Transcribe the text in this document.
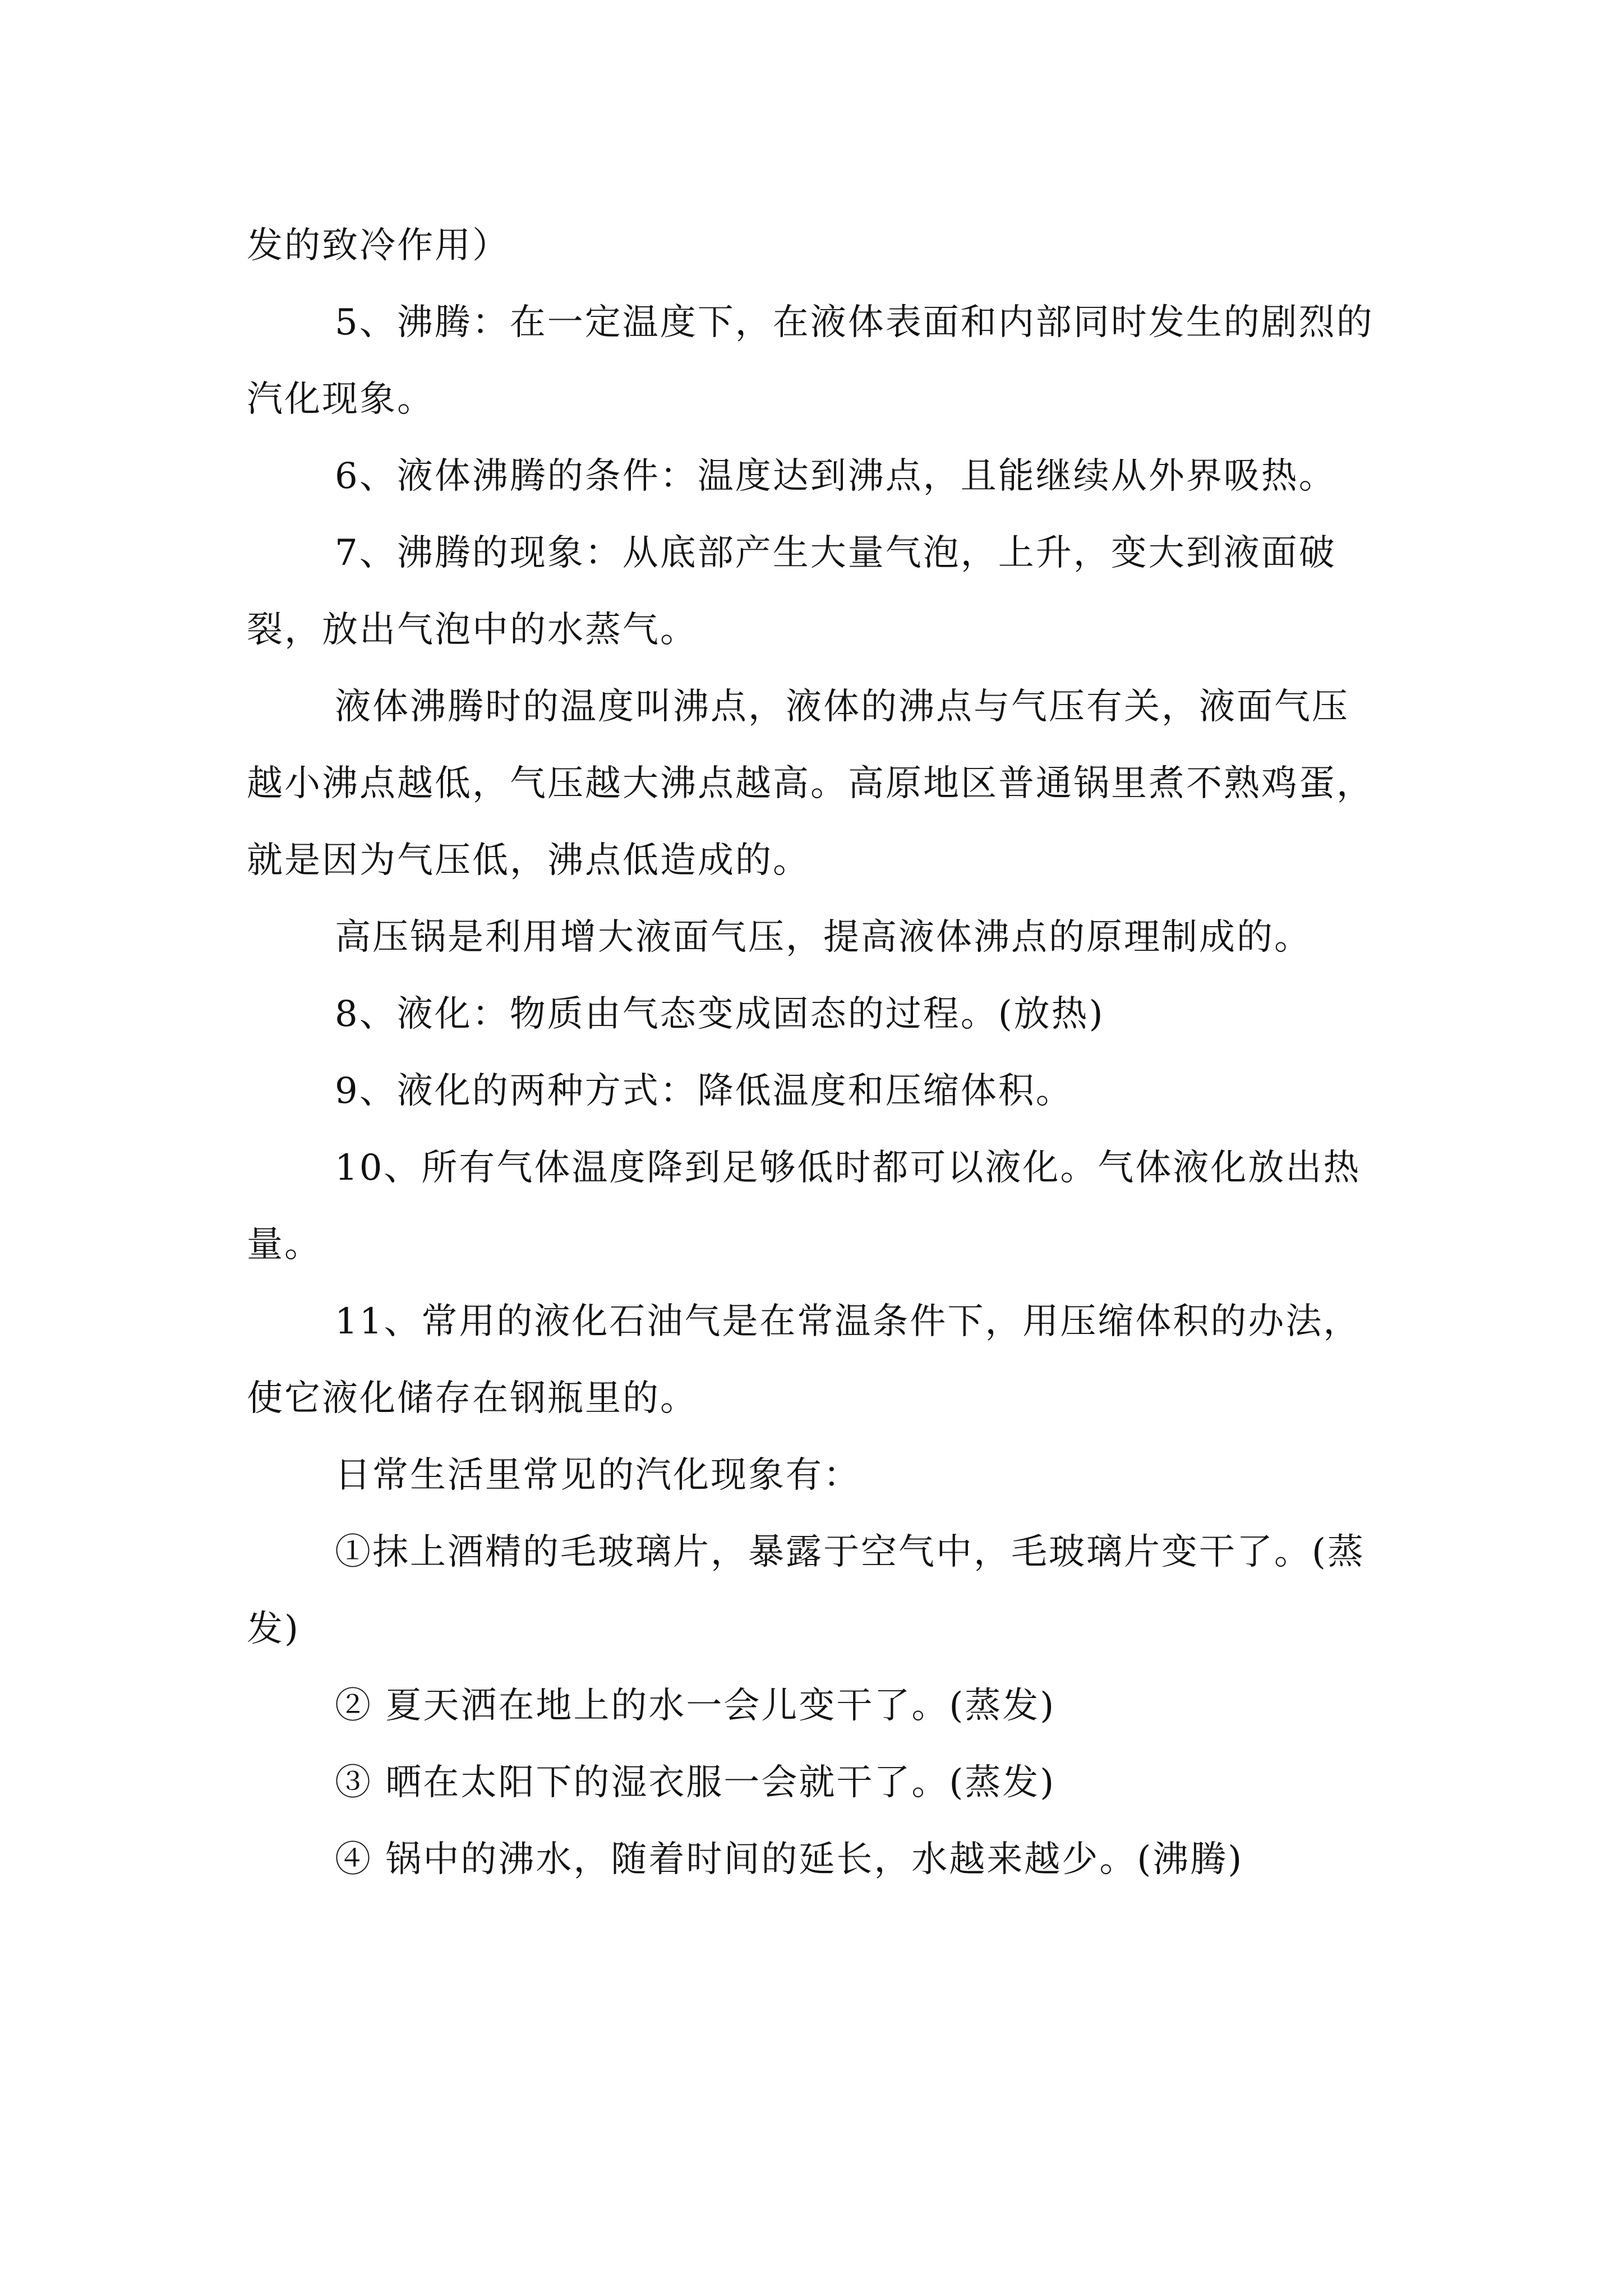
发的致冷作用）

5、沸腾：在一定温度下，在液体表面和内部同时发生的剧烈的汽化现象。

6、液体沸腾的条件：温度达到沸点，且能继续从外界吸热。

7、沸腾的现象：从底部产生大量气泡，上升，变大到液面破裂，放出气泡中的水蒸气。

液体沸腾时的温度叫沸点，液体的沸点与气压有关，液面气压越小沸点越低，气压越大沸点越高。高原地区普通锅里煮不熟鸡蛋，就是因为气压低，沸点低造成的。

高压锅是利用增大液面气压，提高液体沸点的原理制成的。

8、液化：物质由气态变成固态的过程。(放热)

9、液化的两种方式：降低温度和压缩体积。

10、所有气体温度降到足够低时都可以液化。气体液化放出热量。

11、常用的液化石油气是在常温条件下，用压缩体积的办法，使它液化储存在钢瓶里的。

日常生活里常见的汽化现象有：

①抹上酒精的毛玻璃片，暴露于空气中，毛玻璃片变干了。(蒸发)

② 夏天洒在地上的水一会儿变干了。(蒸发)

③ 晒在太阳下的湿衣服一会就干了。(蒸发)

④ 锅中的沸水，随着时间的延长，水越来越少。(沸腾)
